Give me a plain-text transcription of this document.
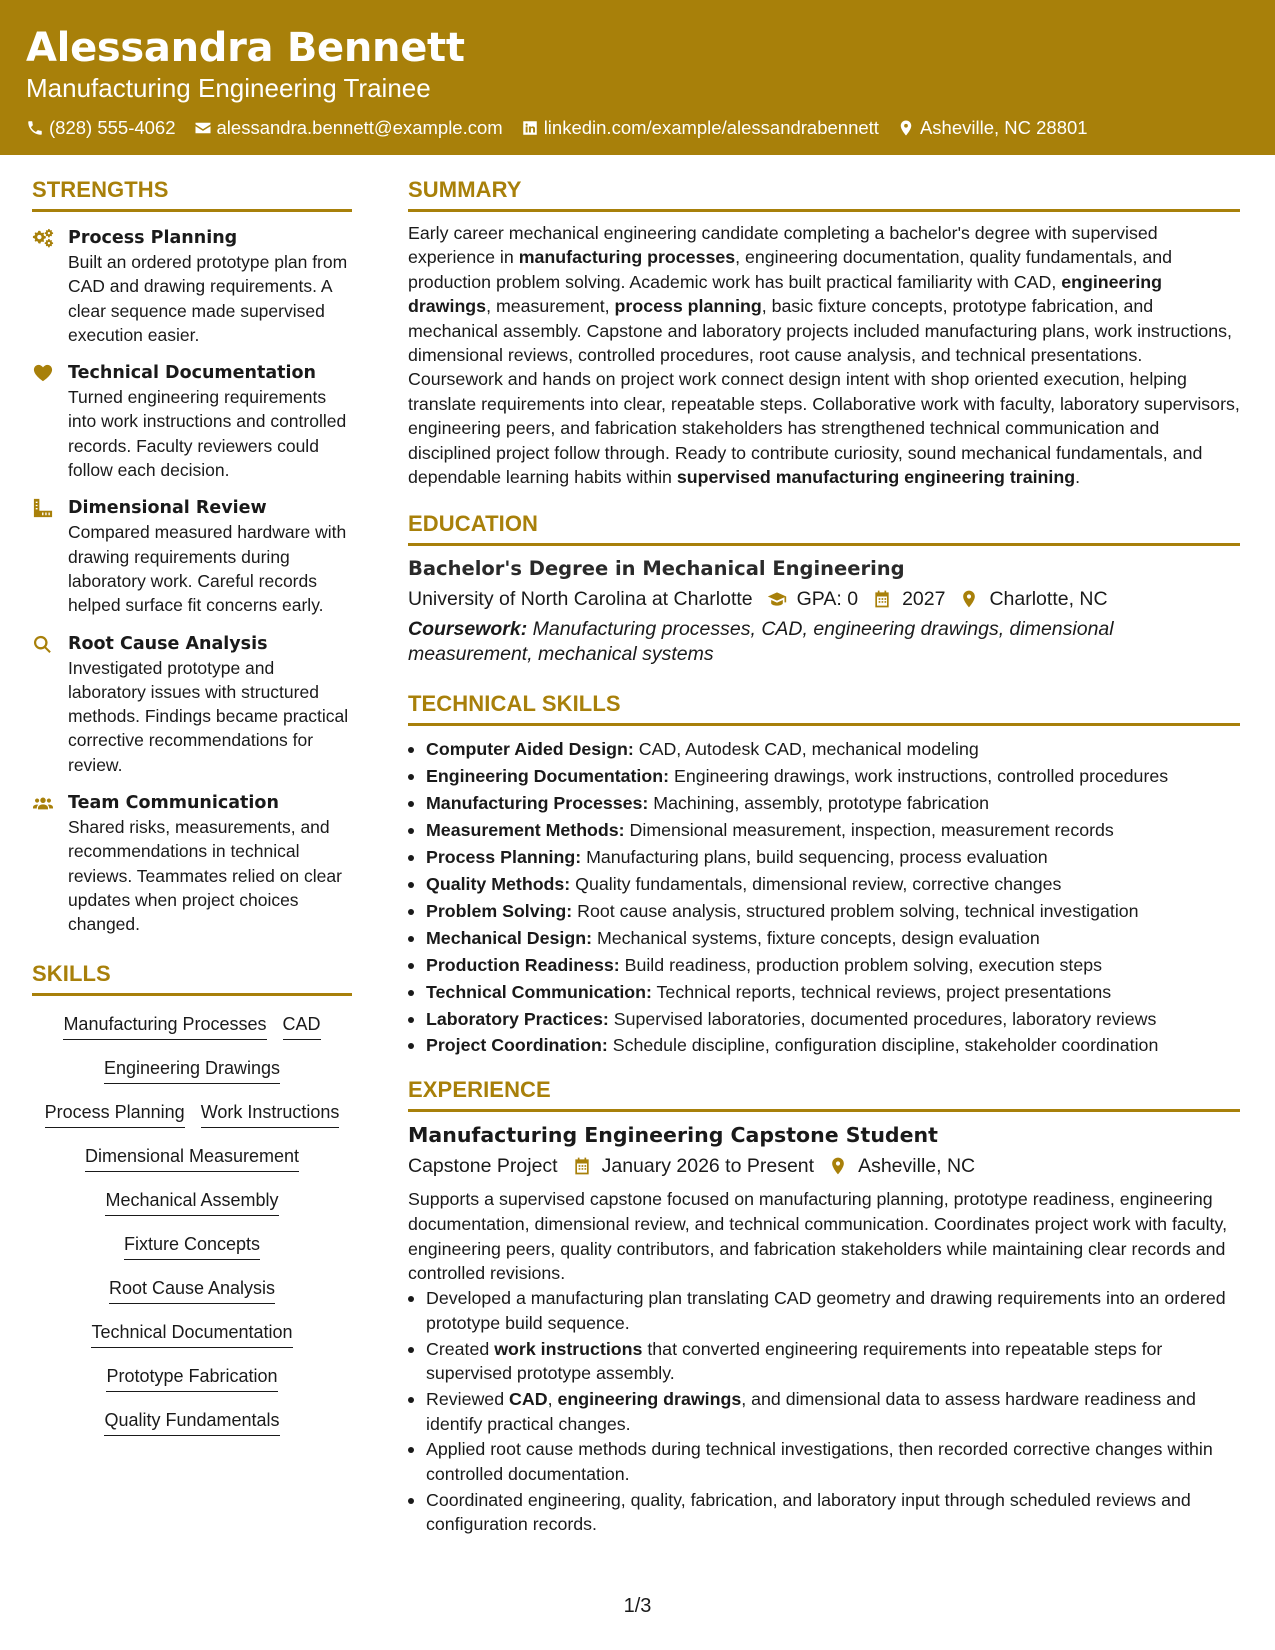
Alessandra Bennett
Manufacturing Engineering Trainee
(828) 555-4062 alessandra.bennett@example.com linkedin.com/example/alessandrabennett Asheville, NC 28801
STRENGTHS
Process Planning
Built an ordered prototype plan from CAD and drawing requirements. A clear sequence made supervised execution easier.
Technical Documentation
Turned engineering requirements into work instructions and controlled records. Faculty reviewers could follow each decision.
Dimensional Review
Compared measured hardware with drawing requirements during laboratory work. Careful records helped surface fit concerns early.
Root Cause Analysis
Investigated prototype and laboratory issues with structured methods. Findings became practical corrective recommendations for review.
Team Communication
Shared risks, measurements, and recommendations in technical reviews. Teammates relied on clear updates when project choices changed.
SKILLS
Manufacturing Processes CAD
Engineering Drawings
Process Planning Work Instructions
Dimensional Measurement
Mechanical Assembly
Fixture Concepts
Root Cause Analysis
Technical Documentation
Prototype Fabrication
Quality Fundamentals
SUMMARY
Early career mechanical engineering candidate completing a bachelor's degree with supervised experience in manufacturing processes, engineering documentation, quality fundamentals, and production problem solving. Academic work has built practical familiarity with CAD, engineering drawings, measurement, process planning, basic fixture concepts, prototype fabrication, and mechanical assembly. Capstone and laboratory projects included manufacturing plans, work instructions, dimensional reviews, controlled procedures, root cause analysis, and technical presentations. Coursework and hands on project work connect design intent with shop oriented execution, helping translate requirements into clear, repeatable steps. Collaborative work with faculty, laboratory supervisors, engineering peers, and fabrication stakeholders has strengthened technical communication and disciplined project follow through. Ready to contribute curiosity, sound mechanical fundamentals, and dependable learning habits within supervised manufacturing engineering training.
EDUCATION
Bachelor's Degree in Mechanical Engineering
University of North Carolina at Charlotte GPA: 0 2027 Charlotte, NC
Coursework: Manufacturing processes, CAD, engineering drawings, dimensional measurement, mechanical systems
TECHNICAL SKILLS
Computer Aided Design: CAD, Autodesk CAD, mechanical modeling
Engineering Documentation: Engineering drawings, work instructions, controlled procedures
Manufacturing Processes: Machining, assembly, prototype fabrication
Measurement Methods: Dimensional measurement, inspection, measurement records
Process Planning: Manufacturing plans, build sequencing, process evaluation
Quality Methods: Quality fundamentals, dimensional review, corrective changes
Problem Solving: Root cause analysis, structured problem solving, technical investigation
Mechanical Design: Mechanical systems, fixture concepts, design evaluation
Production Readiness: Build readiness, production problem solving, execution steps
Technical Communication: Technical reports, technical reviews, project presentations
Laboratory Practices: Supervised laboratories, documented procedures, laboratory reviews
Project Coordination: Schedule discipline, configuration discipline, stakeholder coordination
EXPERIENCE
Manufacturing Engineering Capstone Student
Capstone Project January 2026 to Present Asheville, NC
Supports a supervised capstone focused on manufacturing planning, prototype readiness, engineering documentation, dimensional review, and technical communication. Coordinates project work with faculty, engineering peers, quality contributors, and fabrication stakeholders while maintaining clear records and controlled revisions.
Developed a manufacturing plan translating CAD geometry and drawing requirements into an ordered prototype build sequence.
Created work instructions that converted engineering requirements into repeatable steps for supervised prototype assembly.
Reviewed CAD, engineering drawings, and dimensional data to assess hardware readiness and identify practical changes.
Applied root cause methods during technical investigations, then recorded corrective changes within controlled documentation.
Coordinated engineering, quality, fabrication, and laboratory input through scheduled reviews and configuration records.
1/3
